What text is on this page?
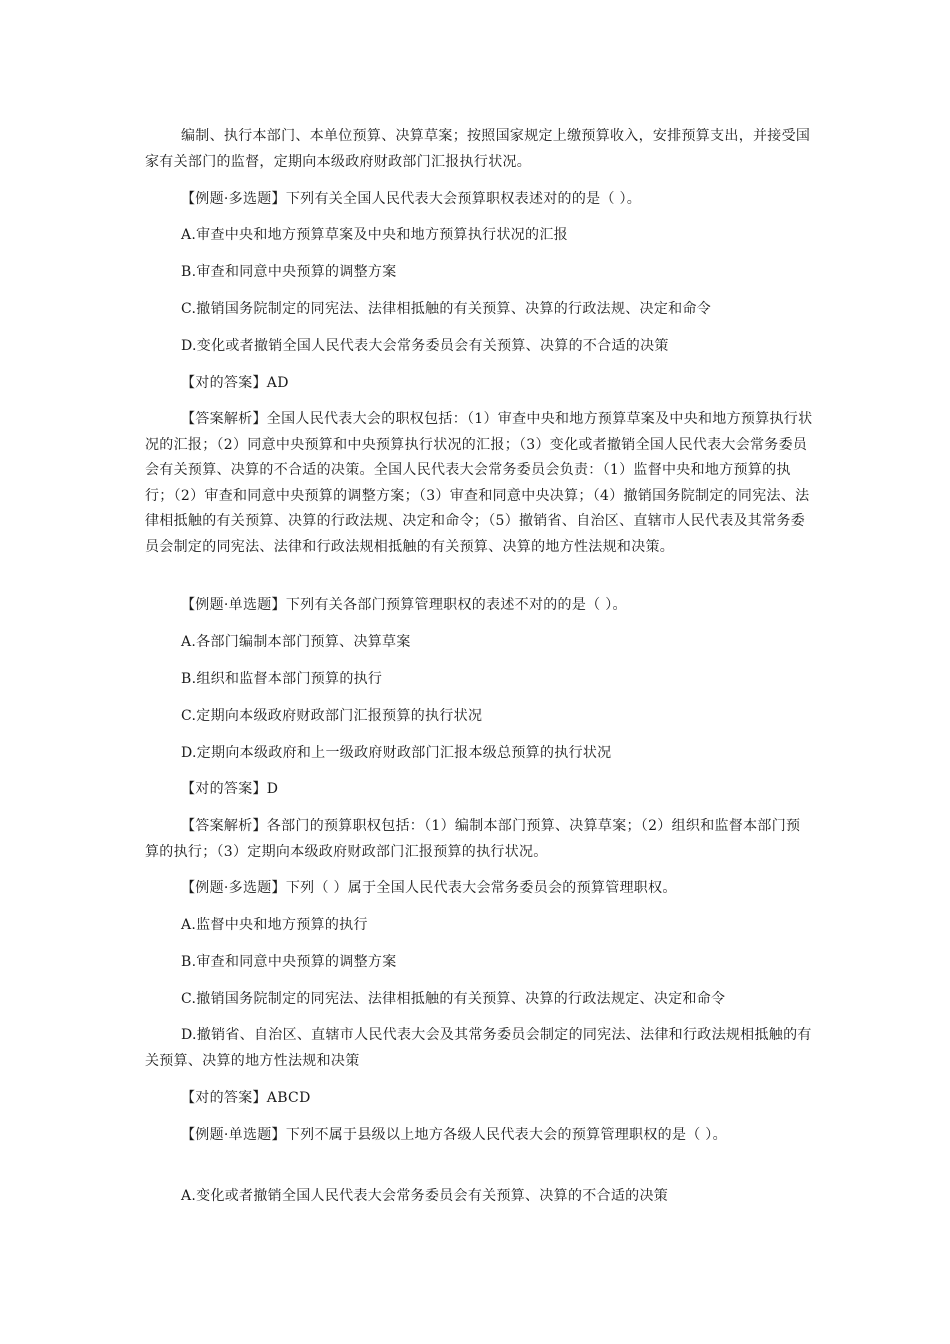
编制、执行本部门、本单位预算、决算草案；按照国家规定上缴预算收入，安排预算支出，并接受国家有关部门的监督，定期向本级政府财政部门汇报执行状况。

【例题·多选题】下列有关全国人民代表大会预算职权表述对的的是（ ）。

A.审查中央和地方预算草案及中央和地方预算执行状况的汇报

B.审查和同意中央预算的调整方案

C.撤销国务院制定的同宪法、法律相抵触的有关预算、决算的行政法规、决定和命令

D.变化或者撤销全国人民代表大会常务委员会有关预算、决算的不合适的决策

【对的答案】AD

【答案解析】全国人民代表大会的职权包括：（1）审查中央和地方预算草案及中央和地方预算执行状况的汇报；（2）同意中央预算和中央预算执行状况的汇报；（3）变化或者撤销全国人民代表大会常务委员会有关预算、决算的不合适的决策。全国人民代表大会常务委员会负责：（1）监督中央和地方预算的执行；（2）审查和同意中央预算的调整方案；（3）审查和同意中央决算；（4）撤销国务院制定的同宪法、法律相抵触的有关预算、决算的行政法规、决定和命令；（5）撤销省、自治区、直辖市人民代表及其常务委员会制定的同宪法、法律和行政法规相抵触的有关预算、决算的地方性法规和决策。

【例题·单选题】下列有关各部门预算管理职权的表述不对的的是（ ）。

A.各部门编制本部门预算、决算草案

B.组织和监督本部门预算的执行

C.定期向本级政府财政部门汇报预算的执行状况

D.定期向本级政府和上一级政府财政部门汇报本级总预算的执行状况

【对的答案】D

【答案解析】各部门的预算职权包括：（1）编制本部门预算、决算草案；（2）组织和监督本部门预算的执行；（3）定期向本级政府财政部门汇报预算的执行状况。

【例题·多选题】下列（ ）属于全国人民代表大会常务委员会的预算管理职权。

A.监督中央和地方预算的执行

B.审查和同意中央预算的调整方案

C.撤销国务院制定的同宪法、法律相抵触的有关预算、决算的行政法规定、决定和命令

D.撤销省、自治区、直辖市人民代表大会及其常务委员会制定的同宪法、法律和行政法规相抵触的有关预算、决算的地方性法规和决策

【对的答案】ABCD

【例题·单选题】下列不属于县级以上地方各级人民代表大会的预算管理职权的是（ ）。

A.变化或者撤销全国人民代表大会常务委员会有关预算、决算的不合适的决策
